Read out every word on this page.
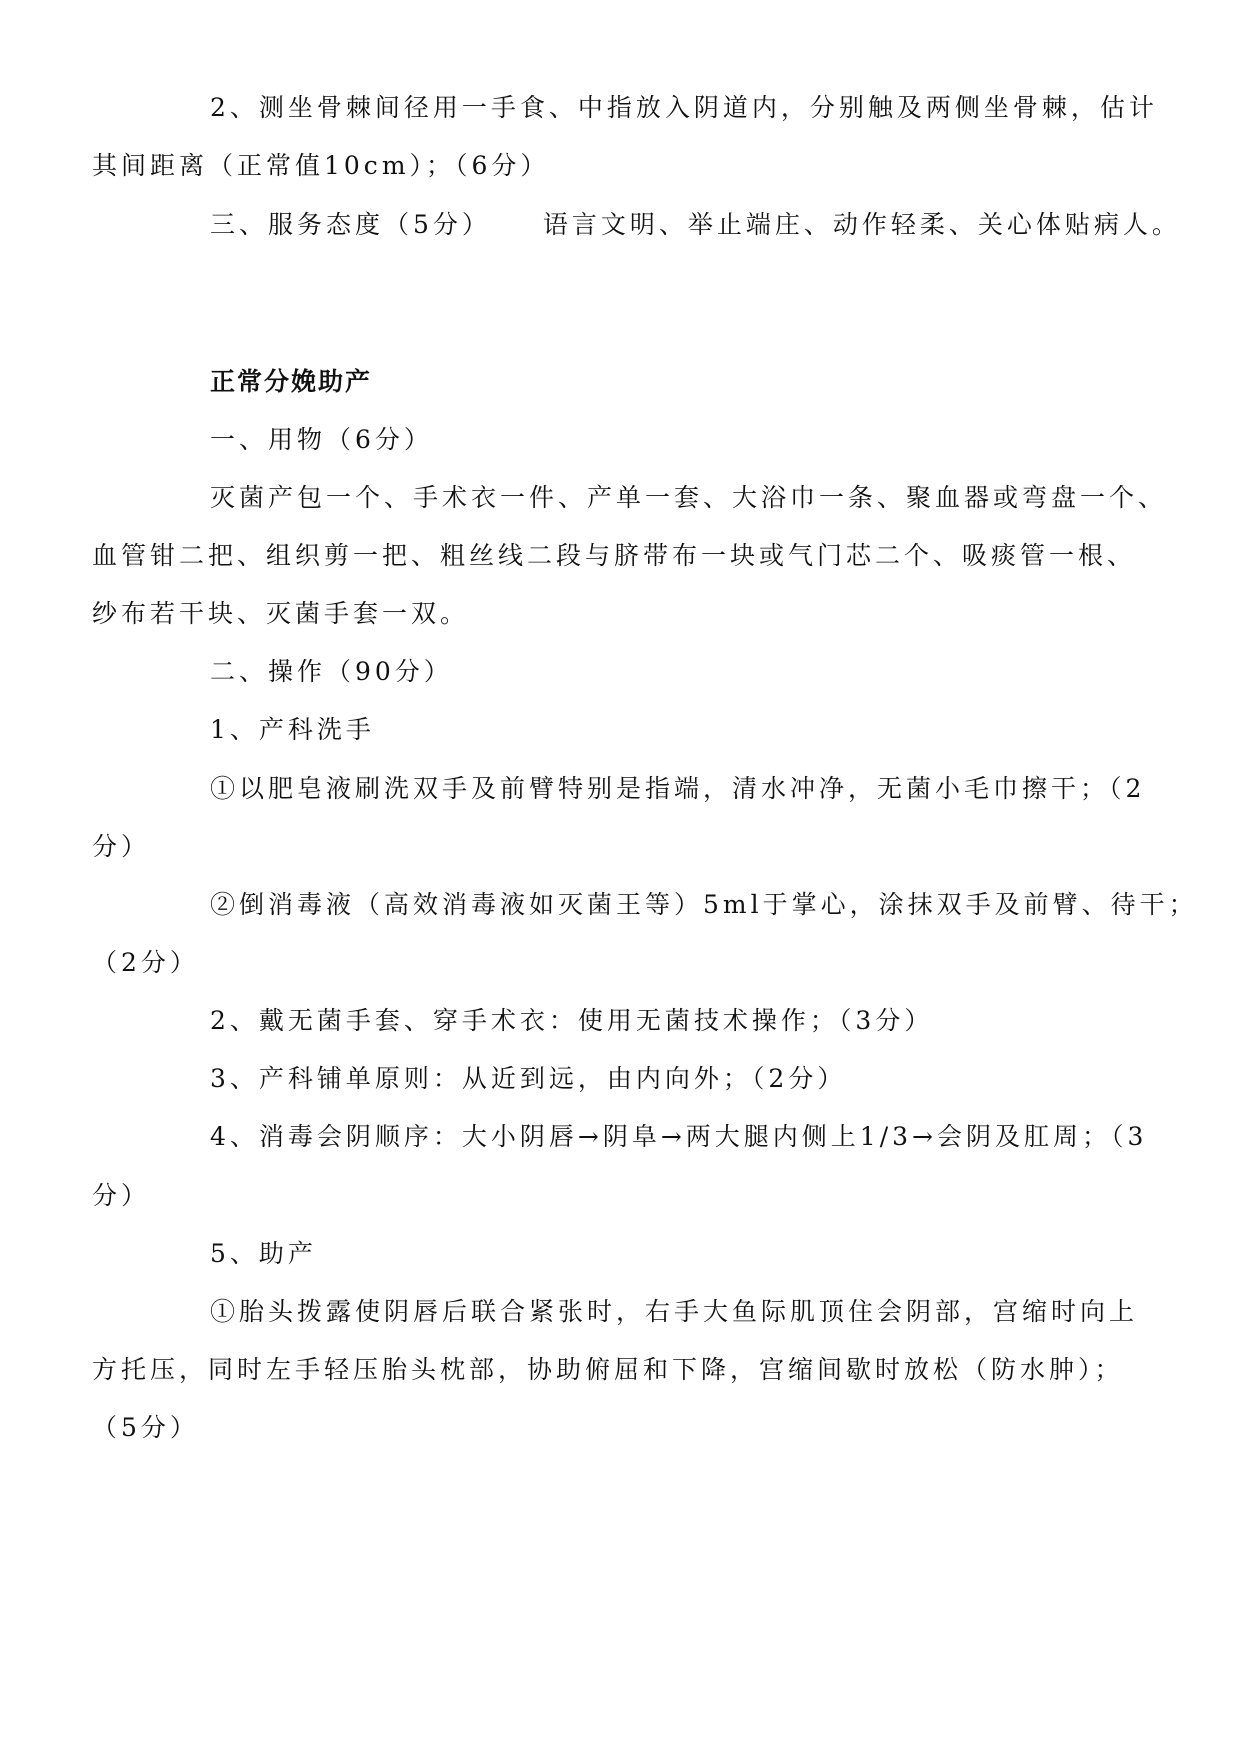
2、测坐骨棘间径用一手食、中指放入阴道内，分别触及两侧坐骨棘，估计
其间距离（正常值10cm）；（6分）
三、服务态度（5分） 语言文明、举止端庄、动作轻柔、关心体贴病人。
正常分娩助产
一、用物（6分）
灭菌产包一个、手术衣一件、产单一套、大浴巾一条、聚血器或弯盘一个、
血管钳二把、组织剪一把、粗丝线二段与脐带布一块或气门芯二个、吸痰管一根、
纱布若干块、灭菌手套一双。
二、操作（90分）
1、产科洗手
①以肥皂液刷洗双手及前臂特别是指端，清水冲净，无菌小毛巾擦干；（2
分）
②倒消毒液（高效消毒液如灭菌王等）5ml于掌心，涂抹双手及前臂、待干；
（2分）
2、戴无菌手套、穿手术衣：使用无菌技术操作；（3分）
3、产科铺单原则：从近到远，由内向外；（2分）
4、消毒会阴顺序：大小阴唇→阴阜→两大腿内侧上1/3→会阴及肛周；（3
分）
5、助产
①胎头拨露使阴唇后联合紧张时，右手大鱼际肌顶住会阴部，宫缩时向上
方托压，同时左手轻压胎头枕部，协助俯屈和下降，宫缩间歇时放松（防水肿）；
（5分）
